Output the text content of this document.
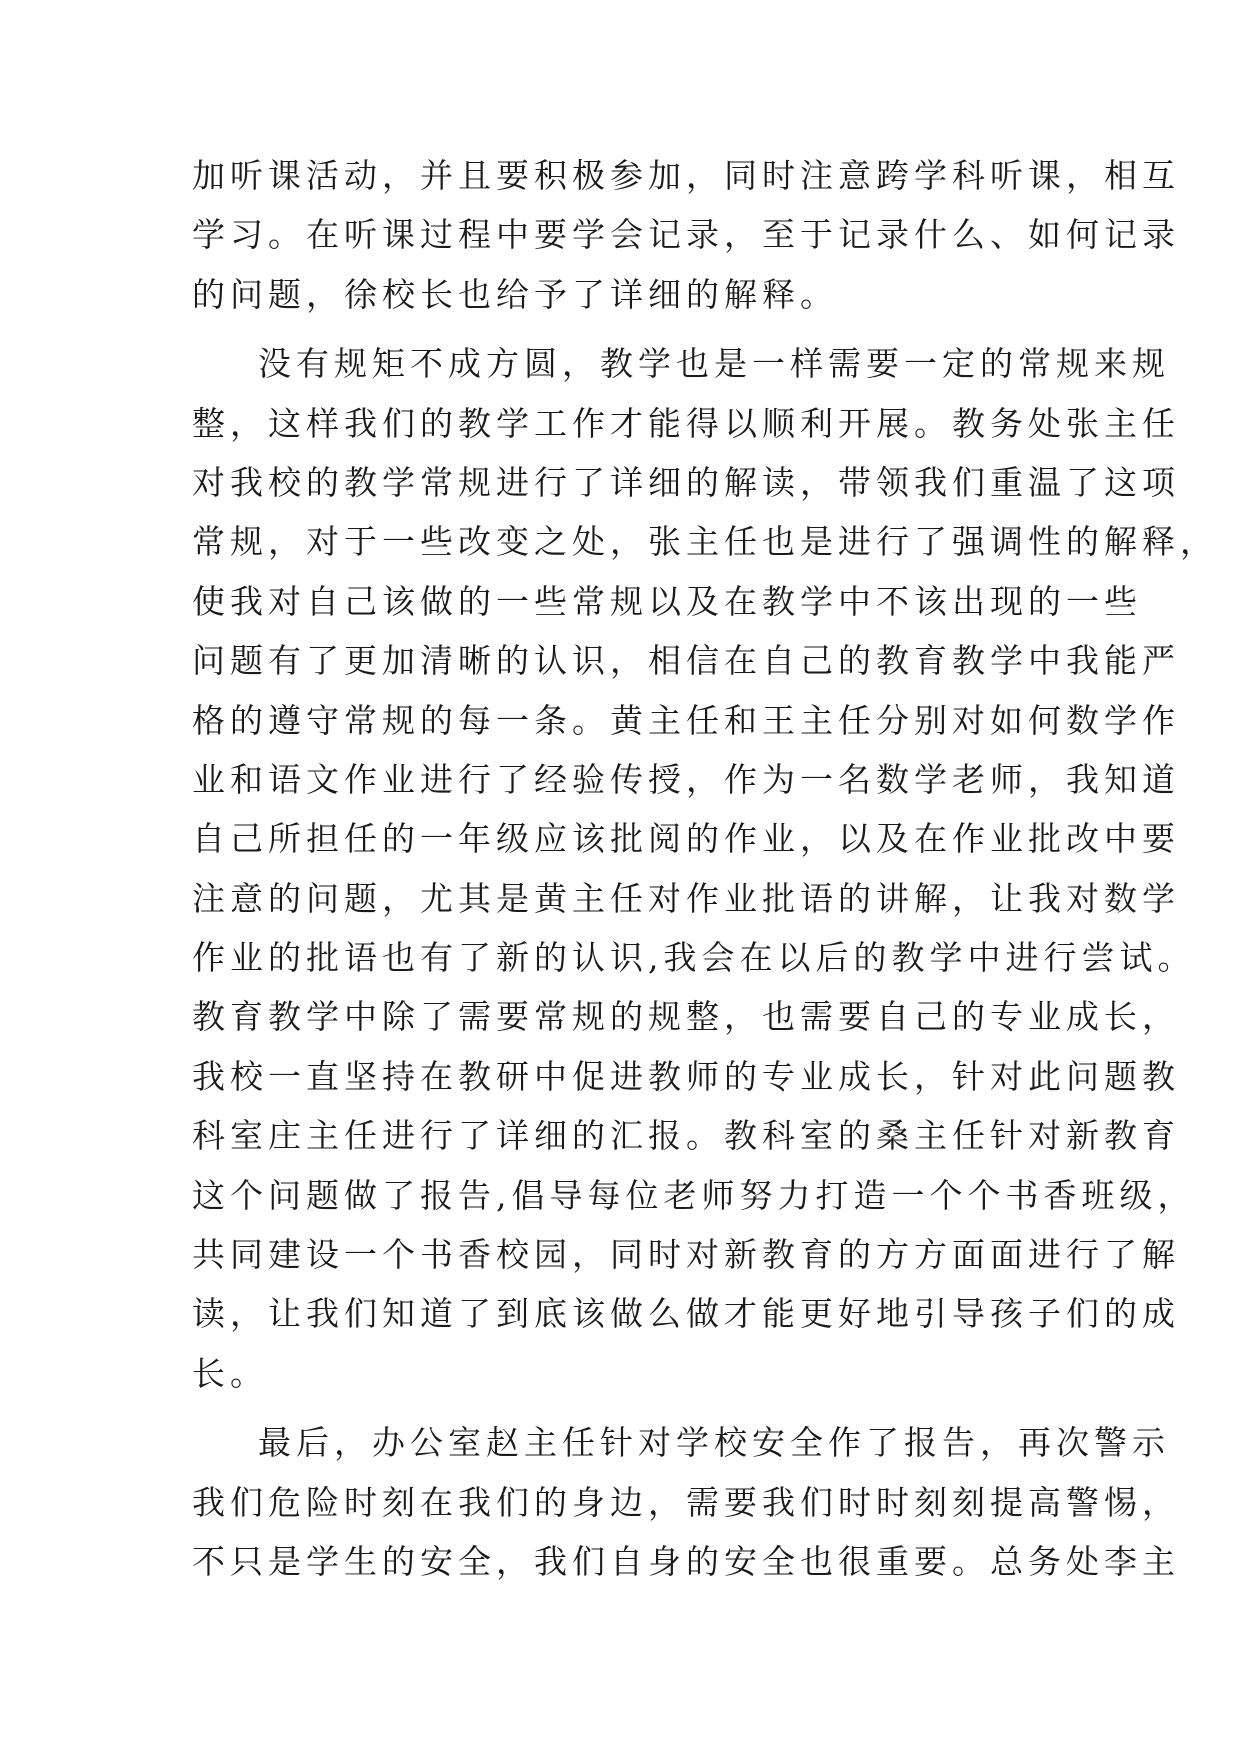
加听课活动，并且要积极参加，同时注意跨学科听课，相互
学习。在听课过程中要学会记录，至于记录什么、如何记录
的问题，徐校长也给予了详细的解释。
没有规矩不成方圆，教学也是一样需要一定的常规来规
整，这样我们的教学工作才能得以顺利开展。教务处张主任
对我校的教学常规进行了详细的解读，带领我们重温了这项
常规，对于一些改变之处，张主任也是进行了强调性的解释，
使我对自己该做的一些常规以及在教学中不该出现的一些
问题有了更加清晰的认识，相信在自己的教育教学中我能严
格的遵守常规的每一条。黄主任和王主任分别对如何数学作
业和语文作业进行了经验传授，作为一名数学老师，我知道
自己所担任的一年级应该批阅的作业，以及在作业批改中要
注意的问题，尤其是黄主任对作业批语的讲解，让我对数学
作业的批语也有了新的认识,我会在以后的教学中进行尝试。
教育教学中除了需要常规的规整，也需要自己的专业成长，
我校一直坚持在教研中促进教师的专业成长，针对此问题教
科室庄主任进行了详细的汇报。教科室的桑主任针对新教育
这个问题做了报告,倡导每位老师努力打造一个个书香班级，
共同建设一个书香校园，同时对新教育的方方面面进行了解
读，让我们知道了到底该做么做才能更好地引导孩子们的成
长。
最后，办公室赵主任针对学校安全作了报告，再次警示
我们危险时刻在我们的身边，需要我们时时刻刻提高警惕，
不只是学生的安全，我们自身的安全也很重要。总务处李主
